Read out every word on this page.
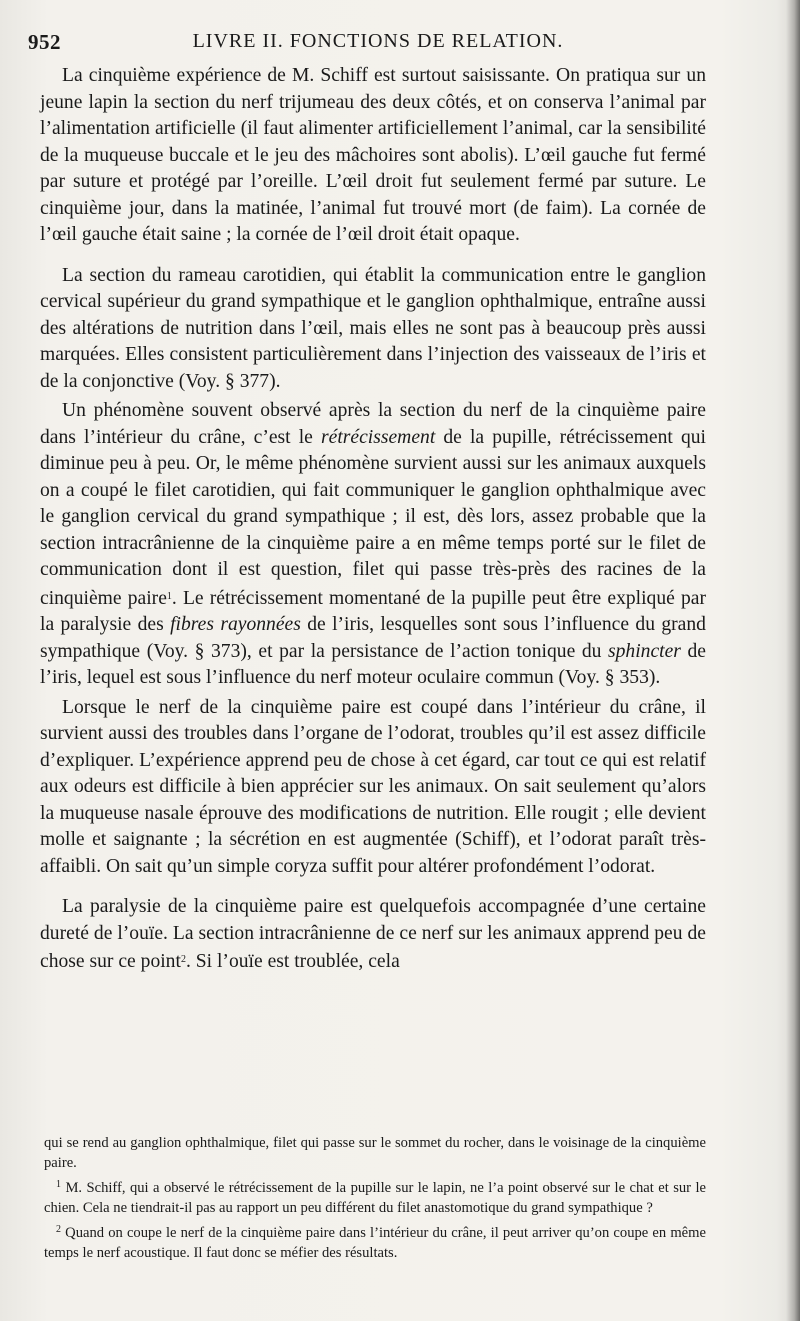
952	LIVRE II. FONCTIONS DE RELATION.

La cinquième expérience de M. Schiff est surtout saisissante. On pratiqua sur un jeune lapin la section du nerf trijumeau des deux côtés, et on conserva l’animal par l’alimentation artificielle (il faut alimenter artificiellement l’animal, car la sensibilité de la muqueuse buccale et le jeu des mâchoires sont abolis). L’œil gauche fut fermé par suture et protégé par l’oreille. L’œil droit fut seulement fermé par suture. Le cinquième jour, dans la matinée, l’animal fut trouvé mort (de faim). La cornée de l’œil gauche était saine ; la cornée de l’œil droit était opaque.

La section du rameau carotidien, qui établit la communication entre le ganglion cervical supérieur du grand sympathique et le ganglion ophthalmique, entraîne aussi des altérations de nutrition dans l’œil, mais elles ne sont pas à beaucoup près aussi marquées. Elles consistent particulièrement dans l’injection des vaisseaux de l’iris et de la conjonctive (Voy. § 377).

Un phénomène souvent observé après la section du nerf de la cinquième paire dans l’intérieur du crâne, c’est le rétrécissement de la pupille, rétrécissement qui diminue peu à peu. Or, le même phénomène survient aussi sur les animaux auxquels on a coupé le filet carotidien, qui fait communiquer le ganglion ophthalmique avec le ganglion cervical du grand sympathique ; il est, dès lors, assez probable que la section intracrânienne de la cinquième paire a en même temps porté sur le filet de communication dont il est question, filet qui passe très-près des racines de la cinquième paire$^1$. Le rétrécissement momentané de la pupille peut être expliqué par la paralysie des fibres rayonnées de l’iris, lesquelles sont sous l’influence du grand sympathique (Voy. § 373), et par la persistance de l’action tonique du sphincter de l’iris, lequel est sous l’influence du nerf moteur oculaire commun (Voy. § 353).

Lorsque le nerf de la cinquième paire est coupé dans l’intérieur du crâne, il survient aussi des troubles dans l’organe de l’odorat, troubles qu’il est assez difficile d’expliquer. L’expérience apprend peu de chose à cet égard, car tout ce qui est relatif aux odeurs est difficile à bien apprécier sur les animaux. On sait seulement qu’alors la muqueuse nasale éprouve des modifications de nutrition. Elle rougit ; elle devient molle et saignante ; la sécrétion en est augmentée (Schiff), et l’odorat paraît très-affaibli. On sait qu’un simple coryza suffit pour altérer profondément l’odorat.

La paralysie de la cinquième paire est quelquefois accompagnée d’une certaine dureté de l’ouïe. La section intracrânienne de ce nerf sur les animaux apprend peu de chose sur ce point$^2$. Si l’ouïe est troublée, cela

qui se rend au ganglion ophthalmique, filet qui passe sur le sommet du rocher, dans le voisinage de la cinquième paire.

$^1$ M. Schiff, qui a observé le rétrécissement de la pupille sur le lapin, ne l’a point observé sur le chat et sur le chien. Cela ne tiendrait-il pas au rapport un peu différent du filet anastomotique du grand sympathique ?

$^2$ Quand on coupe le nerf de la cinquième paire dans l’intérieur du crâne, il peut arriver qu’on coupe en même temps le nerf acoustique. Il faut donc se méfier des résultats.
